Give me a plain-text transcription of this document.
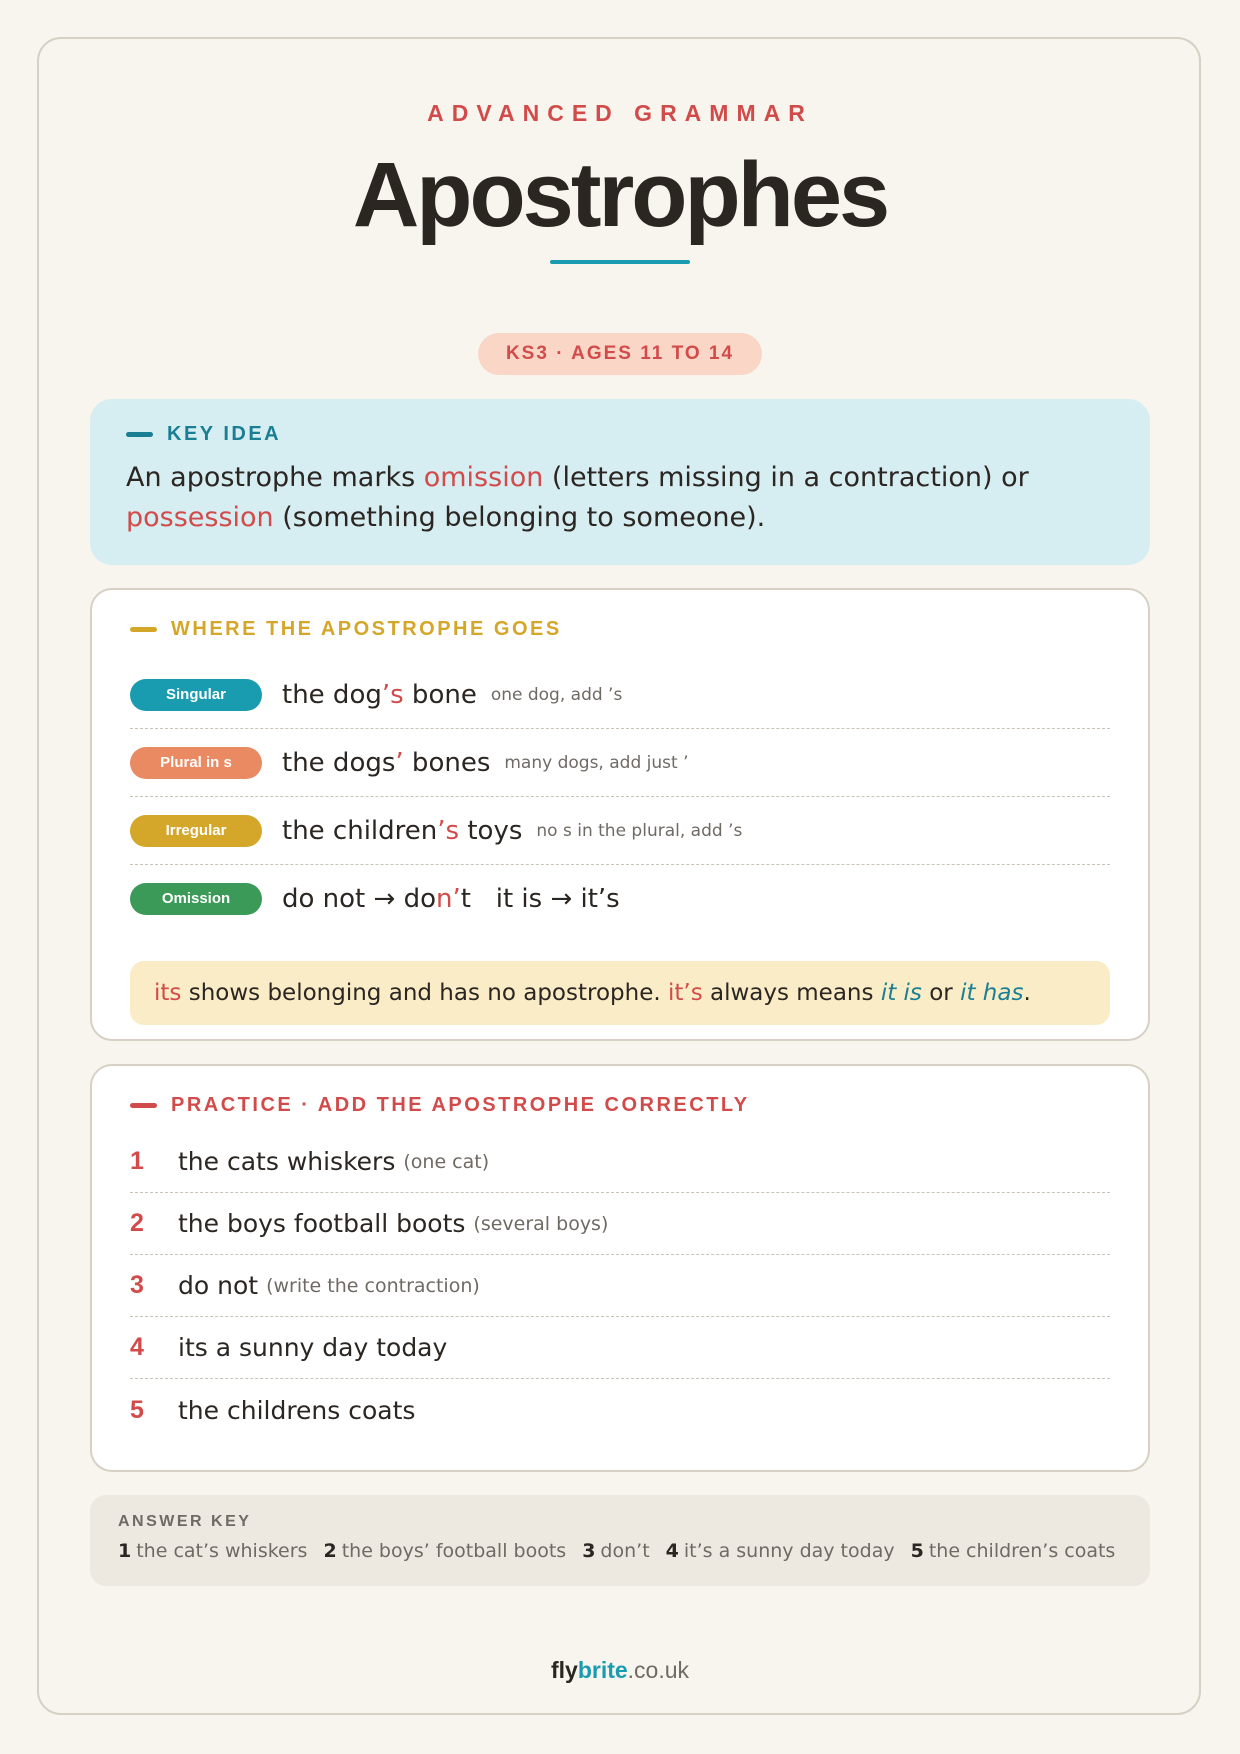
ADVANCED GRAMMAR
Apostrophes
KS3 · AGES 11 TO 14
KEY IDEA
An apostrophe marks omission (letters missing in a contraction) or possession (something belonging to someone).
WHERE THE APOSTROPHE GOES
Singular	the dog’s bone one dog, add ’s
Plural in s	the dogs’ bones many dogs, add just ’
Irregular	the children’s toys no s in the plural, add ’s
Omission	do not → don’t   it is → it’s
its shows belonging and has no apostrophe. it’s always means it is or it has .
PRACTICE · ADD THE APOSTROPHE CORRECTLY
1	the cats whiskers (one cat)
2	the boys football boots (several boys)
3	do not (write the contraction)
4	its a sunny day today
5	the childrens coats
ANSWER KEY
1 the cat’s whiskers 2 the boys’ football boots 3 don’t 4 it’s a sunny day today 5 the children’s coats
flybrite.co.uk
